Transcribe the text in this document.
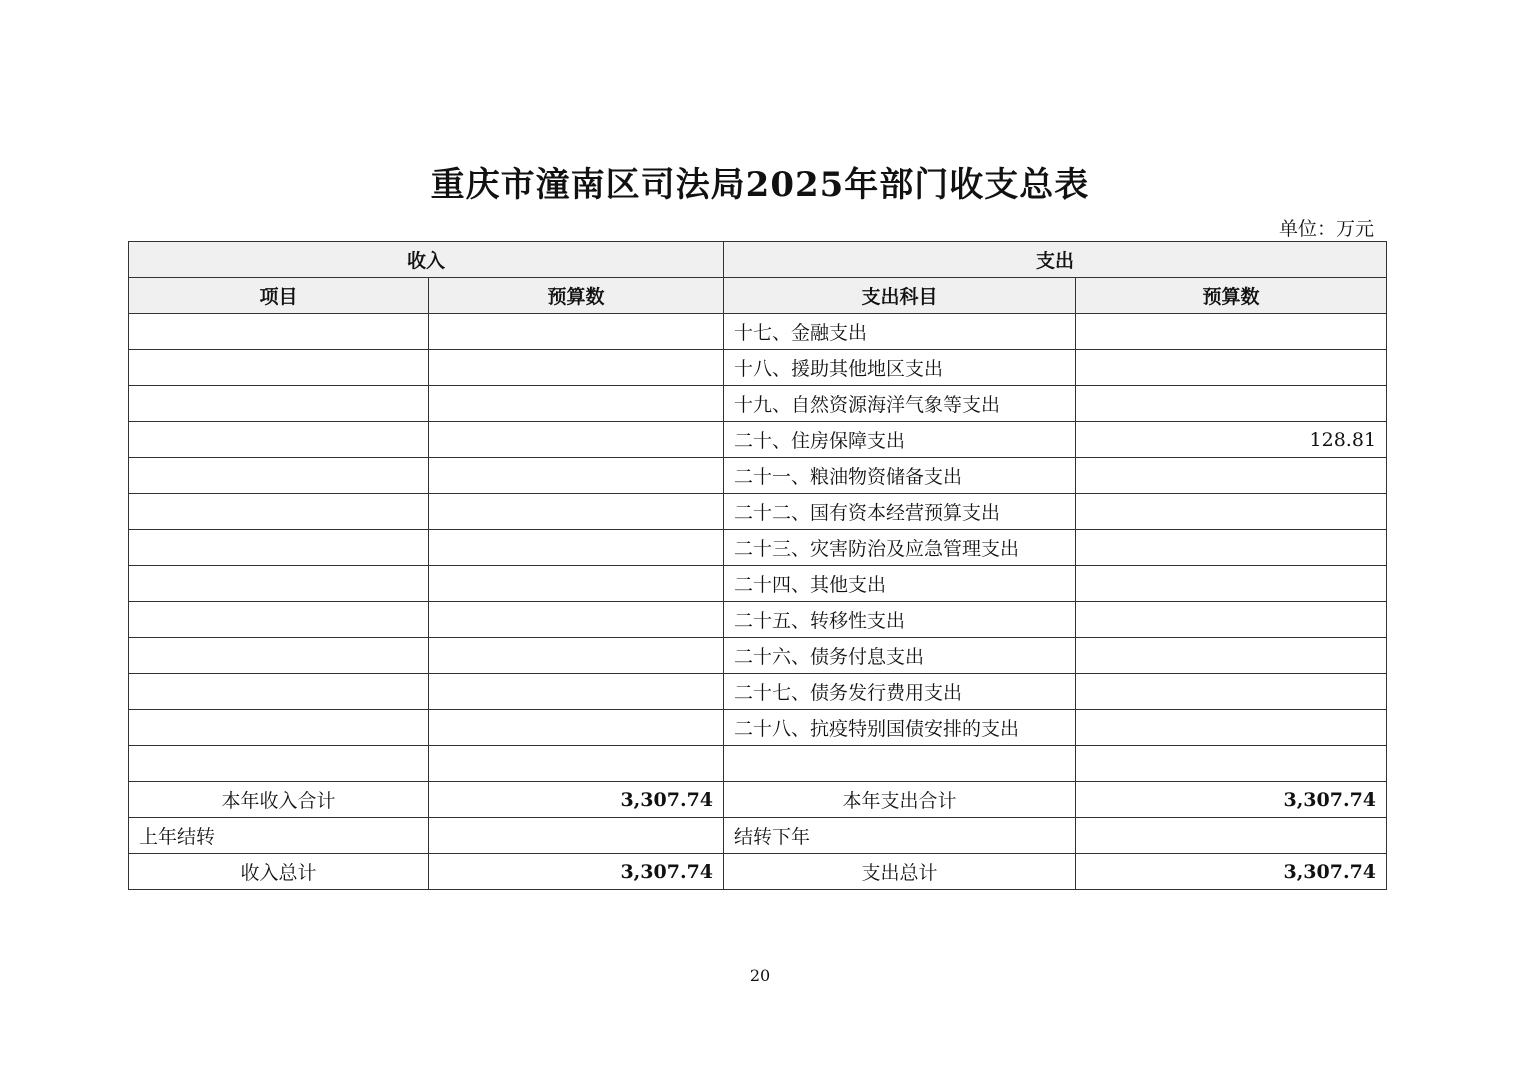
重庆市潼南区司法局2025年部门收支总表
单位：万元
收入		支出	
项目	预算数	支出科目	预算数
		十七、金融支出	
		十八、援助其他地区支出	
		十九、自然资源海洋气象等支出	
		二十、住房保障支出	128.81
		二十一、粮油物资储备支出	
		二十二、国有资本经营预算支出	
		二十三、灾害防治及应急管理支出	
		二十四、其他支出	
		二十五、转移性支出	
		二十六、债务付息支出	
		二十七、债务发行费用支出	
		二十八、抗疫特别国债安排的支出	

本年收入合计	3,307.74	本年支出合计	3,307.74
上年结转		结转下年	
收入总计	3,307.74	支出总计	3,307.74
20
